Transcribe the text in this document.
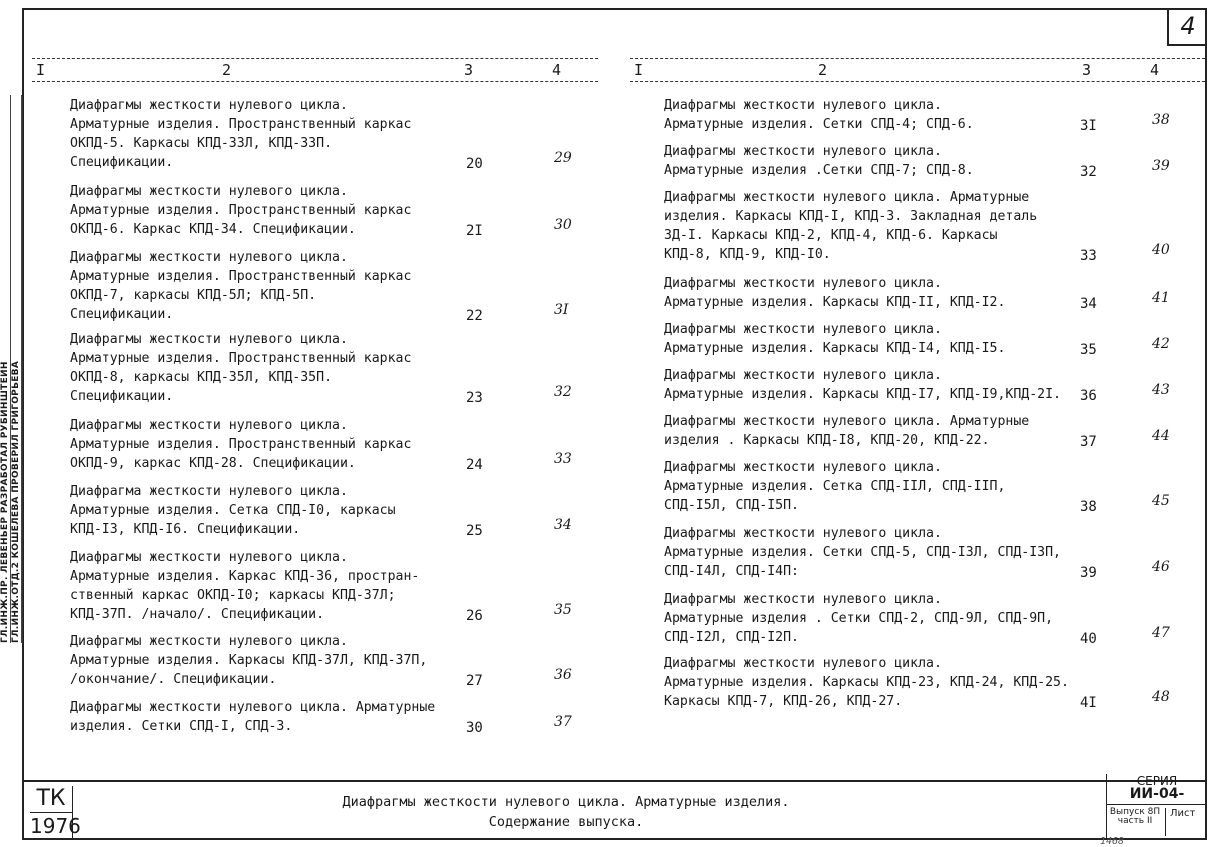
4
ГЛ.ИНЖ.ПР. ЛЕВЕНЬЕР РАЗРАБОТАЛ РУБИНШТЕЙН ГЛ.ИНЖ.ОТД.2 КОШЕЛЕВА ПРОВЕРИЛ ГРИГОРЬЕВА
I	2	3	4
Диафрагмы жесткости нулевого цикла.
Арматурные изделия. Пространственный каркас
ОКПД-5. Каркасы КПД-33Л, КПД-33П.
Спецификации.	20	29
Диафрагмы жесткости нулевого цикла.
Арматурные изделия. Пространственный каркас
ОКПД-6. Каркас КПД-34. Спецификации.	2I	30
Диафрагмы жесткости нулевого цикла.
Арматурные изделия. Пространственный каркас
ОКПД-7, каркасы КПД-5Л; КПД-5П.
Спецификации.	22	3I
Диафрагмы жесткости нулевого цикла.
Арматурные изделия. Пространственный каркас
ОКПД-8, каркасы КПД-35Л, КПД-35П.
Спецификации.	23	32
Диафрагмы жесткости нулевого цикла.
Арматурные изделия. Пространственный каркас
ОКПД-9, каркас КПД-28. Спецификации.	24	33
Диафрагма жесткости нулевого цикла.
Арматурные изделия. Сетка СПД-I0, каркасы
КПД-I3, КПД-I6. Спецификации.	25	34
Диафрагмы жесткости нулевого цикла.
Арматурные изделия. Каркас КПД-36, простран-
ственный каркас ОКПД-I0; каркасы КПД-37Л;
КПД-37П. /начало/. Спецификации.	26	35
Диафрагмы жесткости нулевого цикла.
Арматурные изделия. Каркасы КПД-37Л, КПД-37П,
/окончание/. Спецификации.	27	36
Диафрагмы жесткости нулевого цикла. Арматурные
изделия. Сетки СПД-I, СПД-3.	30	37
I	2	3	4
Диафрагмы жесткости нулевого цикла.
Арматурные изделия. Сетки СПД-4; СПД-6.	3I	38
Диафрагмы жесткости нулевого цикла.
Арматурные изделия .Сетки СПД-7; СПД-8.	32	39
Диафрагмы жесткости нулевого цикла. Арматурные
изделия. Каркасы КПД-I, КПД-3. Закладная деталь
ЗД-I. Каркасы КПД-2, КПД-4, КПД-6. Каркасы
КПД-8, КПД-9, КПД-I0.	33	40
Диафрагмы жесткости нулевого цикла.
Арматурные изделия. Каркасы КПД-II, КПД-I2.	34	41
Диафрагмы жесткости нулевого цикла.
Арматурные изделия. Каркасы КПД-I4, КПД-I5.	35	42
Диафрагмы жесткости нулевого цикла.
Арматурные изделия. Каркасы КПД-I7, КПД-I9,КПД-2I. 36	43
Диафрагмы жесткости нулевого цикла. Арматурные
изделия . Каркасы КПД-I8, КПД-20, КПД-22.	37	44
Диафрагмы жесткости нулевого цикла.
Арматурные изделия. Сетка СПД-IIЛ, СПД-IIП,
СПД-I5Л, СПД-I5П.	38	45
Диафрагмы жесткости нулевого цикла.
Арматурные изделия. Сетки СПД-5, СПД-I3Л, СПД-I3П,
СПД-I4Л, СПД-I4П:	39	46
Диафрагмы жесткости нулевого цикла.
Арматурные изделия . Сетки СПД-2, СПД-9Л, СПД-9П,
СПД-I2Л, СПД-I2П.	40	47
Диафрагмы жесткости нулевого цикла.
Арматурные изделия. Каркасы КПД-23, КПД-24, КПД-25.
Каркасы КПД-7, КПД-26, КПД-27.	4I	48
ТК
1976
Диафрагмы жесткости нулевого цикла. Арматурные изделия.
Содержание выпуска.
СЕРИЯ
ИИ-04-
Выпуск 8П часть II
Лист
1468
